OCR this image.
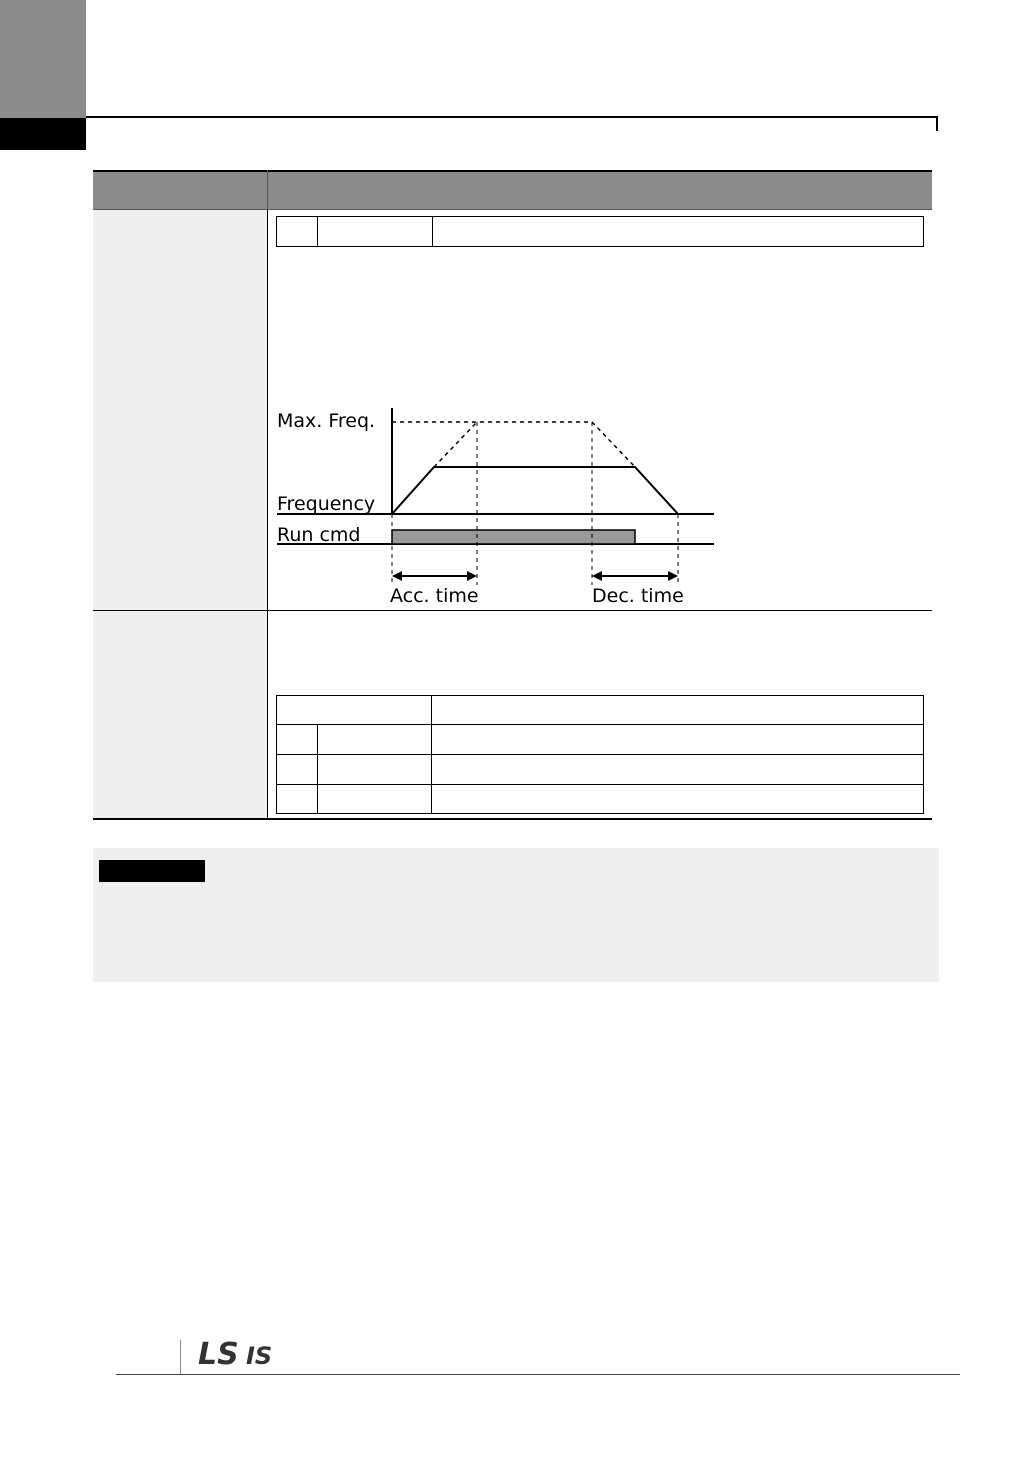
Max. Freq.
Frequency
Run cmd
Acc. time	Dec. time
LS IS
